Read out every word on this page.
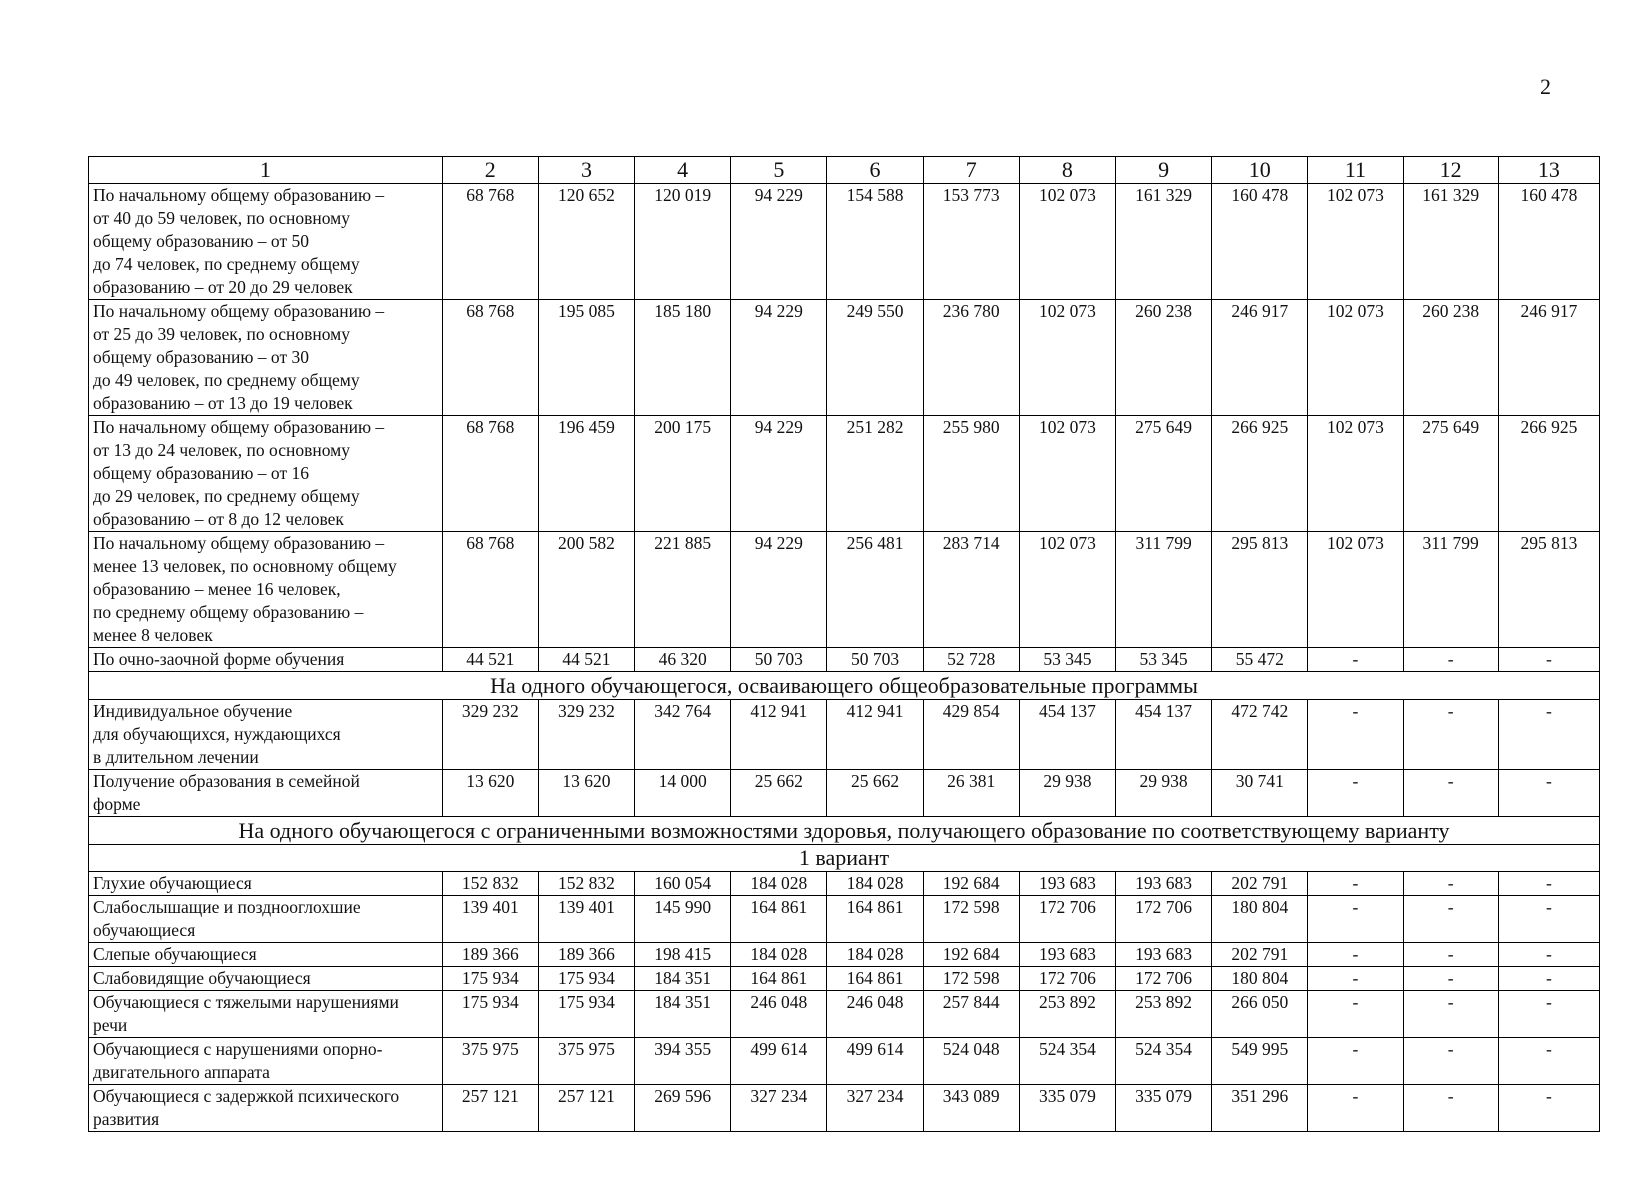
2
1	2	3	4	5	6	7	8	9	10	11	12	13

По начальному общему образованию –
от 40 до 59 человек, по основному
общему образованию – от 50
до 74 человек, по среднему общему
образованию – от 20 до 29 человек	68 768	120 652	120 019	94 229	154 588	153 773	102 073	161 329	160 478	102 073	161 329	160 478

По начальному общему образованию –
от 25 до 39 человек, по основному
общему образованию – от 30
до 49 человек, по среднему общему
образованию – от 13 до 19 человек	68 768	195 085	185 180	94 229	249 550	236 780	102 073	260 238	246 917	102 073	260 238	246 917

По начальному общему образованию –
от 13 до 24 человек, по основному
общему образованию – от 16
до 29 человек, по среднему общему
образованию – от 8 до 12 человек	68 768	196 459	200 175	94 229	251 282	255 980	102 073	275 649	266 925	102 073	275 649	266 925

По начальному общему образованию –
менее 13 человек, по основному общему
образованию – менее 16 человек,
по среднему общему образованию –
менее 8 человек	68 768	200 582	221 885	94 229	256 481	283 714	102 073	311 799	295 813	102 073	311 799	295 813

По очно-заочной форме обучения	44 521	44 521	46 320	50 703	50 703	52 728	53 345	53 345	55 472	-	-	-
На одного обучающегося, осваивающего общеобразовательные программы												

Индивидуальное обучение
для обучающихся, нуждающихся
в длительном лечении	329 232	329 232	342 764	412 941	412 941	429 854	454 137	454 137	472 742	-	-	-

Получение образования в семейной
форме	13 620	13 620	14 000	25 662	25 662	26 381	29 938	29 938	30 741	-	-	-
На одного обучающегося с ограниченными возможностями здоровья, получающего образование по соответствующему варианту												
1 вариант												

Глухие обучающиеся	152 832	152 832	160 054	184 028	184 028	192 684	193 683	193 683	202 791	-	-	-

Слабослышащие и позднооглохшие
обучающиеся	139 401	139 401	145 990	164 861	164 861	172 598	172 706	172 706	180 804	-	-	-

Слепые обучающиеся	189 366	189 366	198 415	184 028	184 028	192 684	193 683	193 683	202 791	-	-	-

Слабовидящие обучающиеся	175 934	175 934	184 351	164 861	164 861	172 598	172 706	172 706	180 804	-	-	-

Обучающиеся с тяжелыми нарушениями
речи	175 934	175 934	184 351	246 048	246 048	257 844	253 892	253 892	266 050	-	-	-

Обучающиеся с нарушениями опорно-
двигательного аппарата	375 975	375 975	394 355	499 614	499 614	524 048	524 354	524 354	549 995	-	-	-

Обучающиеся с задержкой психического
развития	257 121	257 121	269 596	327 234	327 234	343 089	335 079	335 079	351 296	-	-	-
